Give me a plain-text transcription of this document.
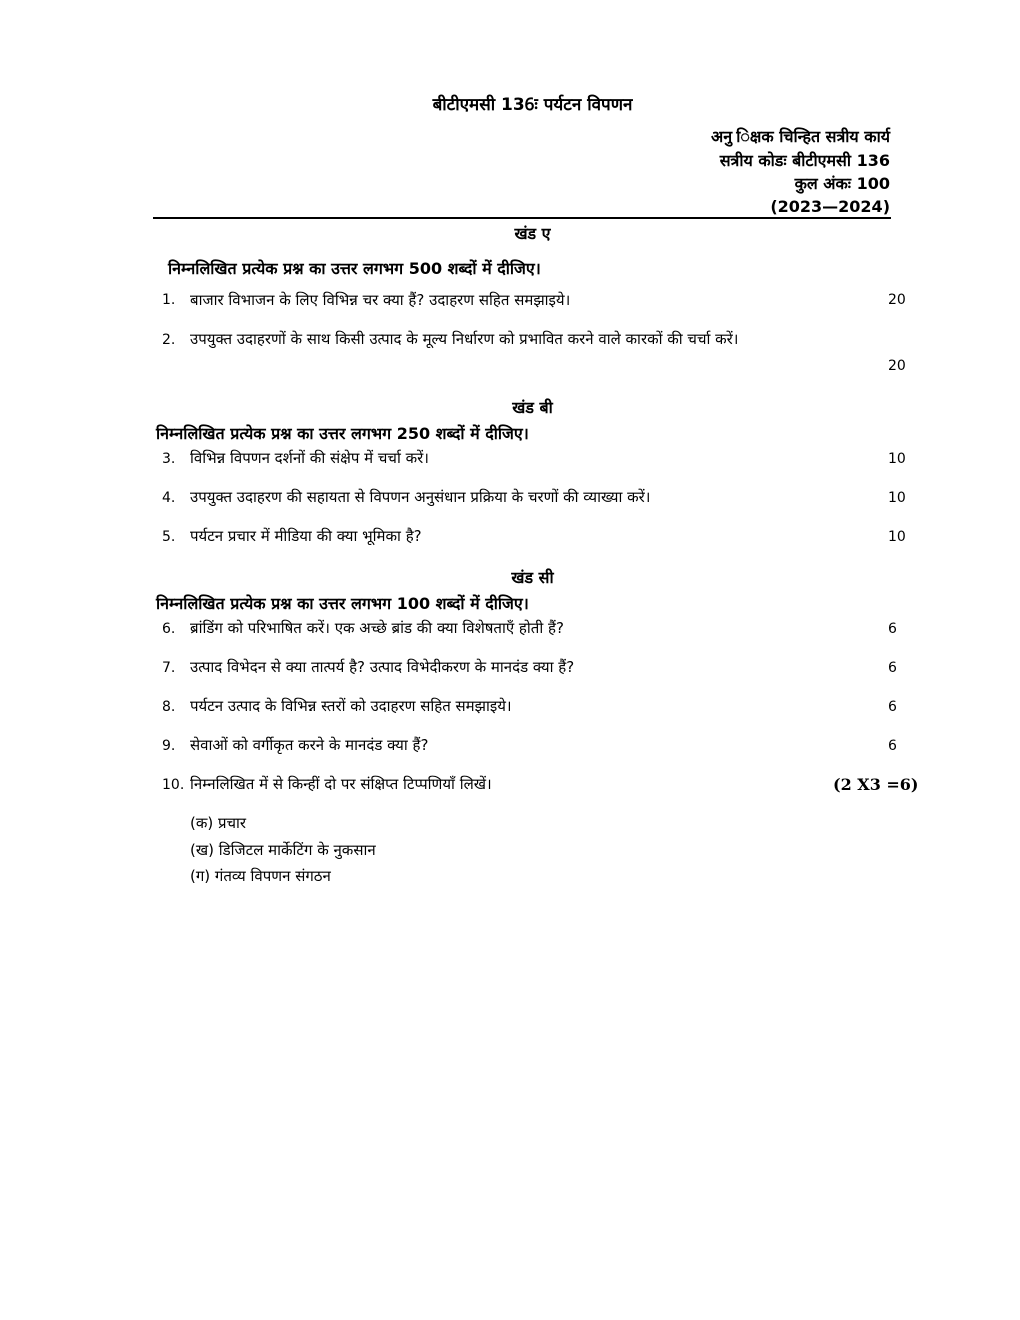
बीटीएमसी 136ः पर्यटन विपणन
अनु िक्षक चिन्हित सत्रीय कार्य
सत्रीय कोडः बीटीएमसी 136
कुल अंकः 100
(2023—2024)
खंड ए
निम्नलिखित प्रत्येक प्रश्न का उत्तर लगभग 500 शब्दों में दीजिए।
1. बाजार विभाजन के लिए विभिन्न चर क्या हैं? उदाहरण सहित समझाइये।	20
2. उपयुक्त उदाहरणों के साथ किसी उत्पाद के मूल्य निर्धारण को प्रभावित करने वाले कारकों की चर्चा करें।
20
खंड बी
निम्नलिखित प्रत्येक प्रश्न का उत्तर लगभग 250 शब्दों में दीजिए।
3. विभिन्न विपणन दर्शनों की संक्षेप में चर्चा करें।	10
4. उपयुक्त उदाहरण की सहायता से विपणन अनुसंधान प्रक्रिया के चरणों की व्याख्या करें।	10
5. पर्यटन प्रचार में मीडिया की क्या भूमिका है?	10
खंड सी
निम्नलिखित प्रत्येक प्रश्न का उत्तर लगभग 100 शब्दों में दीजिए।
6. ब्रांडिंग को परिभाषित करें। एक अच्छे ब्रांड की क्या विशेषताएँ होती हैं?	6
7. उत्पाद विभेदन से क्या तात्पर्य है? उत्पाद विभेदीकरण के मानदंड क्या हैं?	6
8. पर्यटन उत्पाद के विभिन्न स्तरों को उदाहरण सहित समझाइये।	6
9. सेवाओं को वर्गीकृत करने के मानदंड क्या हैं?	6
10. निम्नलिखित में से किन्हीं दो पर संक्षिप्त टिप्पणियाँ लिखें।	(2 X3 =6)
(क) प्रचार
(ख) डिजिटल मार्केटिंग के नुकसान
(ग) गंतव्य विपणन संगठन
